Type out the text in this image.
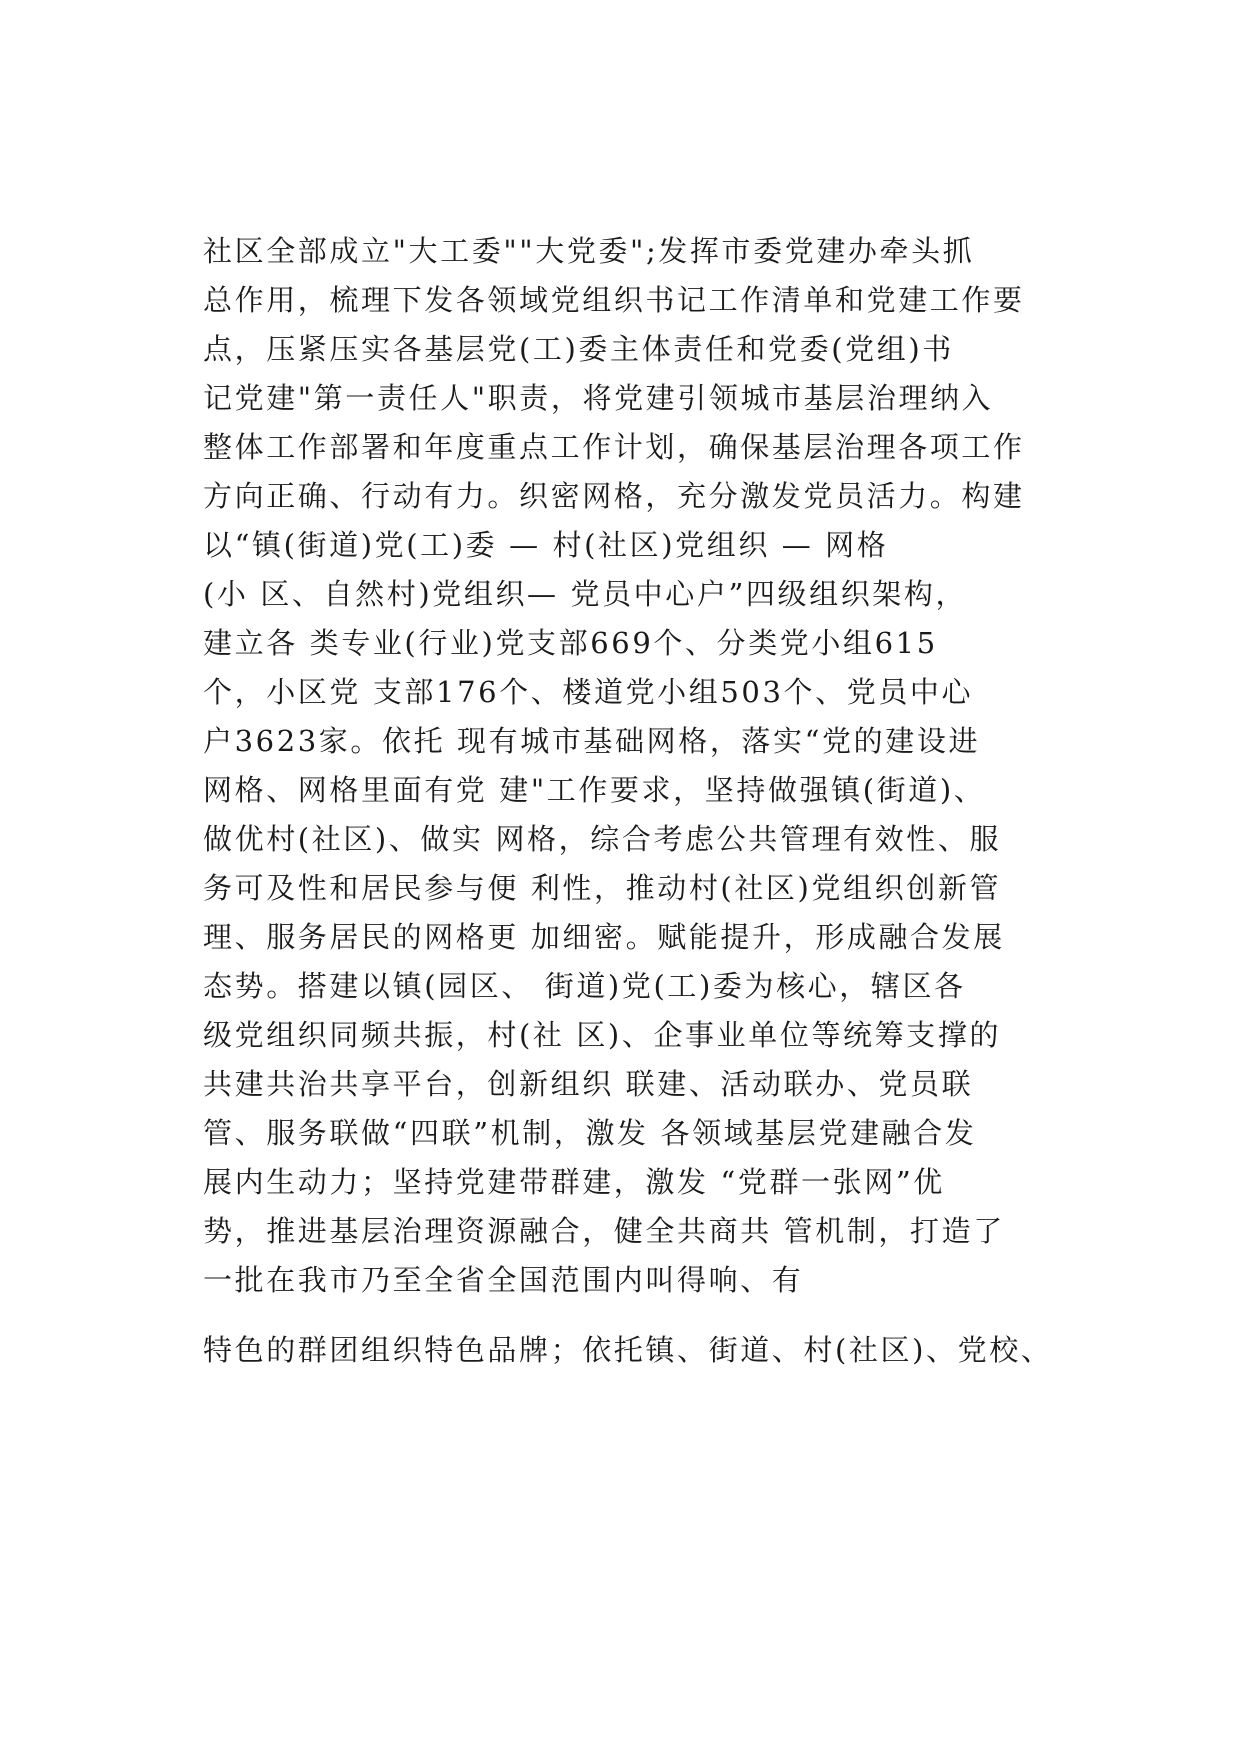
社区全部成立"大工委""大党委";发挥市委党建办牵头抓
总作用，梳理下发各领域党组织书记工作清单和党建工作要
点，压紧压实各基层党(工)委主体责任和党委(党组)书
记党建"第一责任人"职责，将党建引领城市基层治理纳入
整体工作部署和年度重点工作计划，确保基层治理各项工作
方向正确、行动有力。织密网格，充分激发党员活力。构建
以“镇(街道)党(工)委 — 村(社区)党组织 — 网格
(小 区、自然村)党组织— 党员中心户”四级组织架构，
建立各 类专业(行业)党支部669个、分类党小组615
个，小区党 支部176个、楼道党小组503个、党员中心
户3623家。依托 现有城市基础网格，落实“党的建设进
网格、网格里面有党 建"工作要求，坚持做强镇(街道)、
做优村(社区)、做实 网格，综合考虑公共管理有效性、服
务可及性和居民参与便 利性，推动村(社区)党组织创新管
理、服务居民的网格更 加细密。赋能提升，形成融合发展
态势。搭建以镇(园区、 街道)党(工)委为核心，辖区各
级党组织同频共振，村(社 区)、企事业单位等统筹支撑的
共建共治共享平台，创新组织 联建、活动联办、党员联
管、服务联做“四联”机制，激发 各领域基层党建融合发
展内生动力；坚持党建带群建，激发 “党群一张网”优
势，推进基层治理资源融合，健全共商共 管机制，打造了
一批在我市乃至全省全国范围内叫得响、有
特色的群团组织特色品牌；依托镇、街道、村(社区)、党校、
